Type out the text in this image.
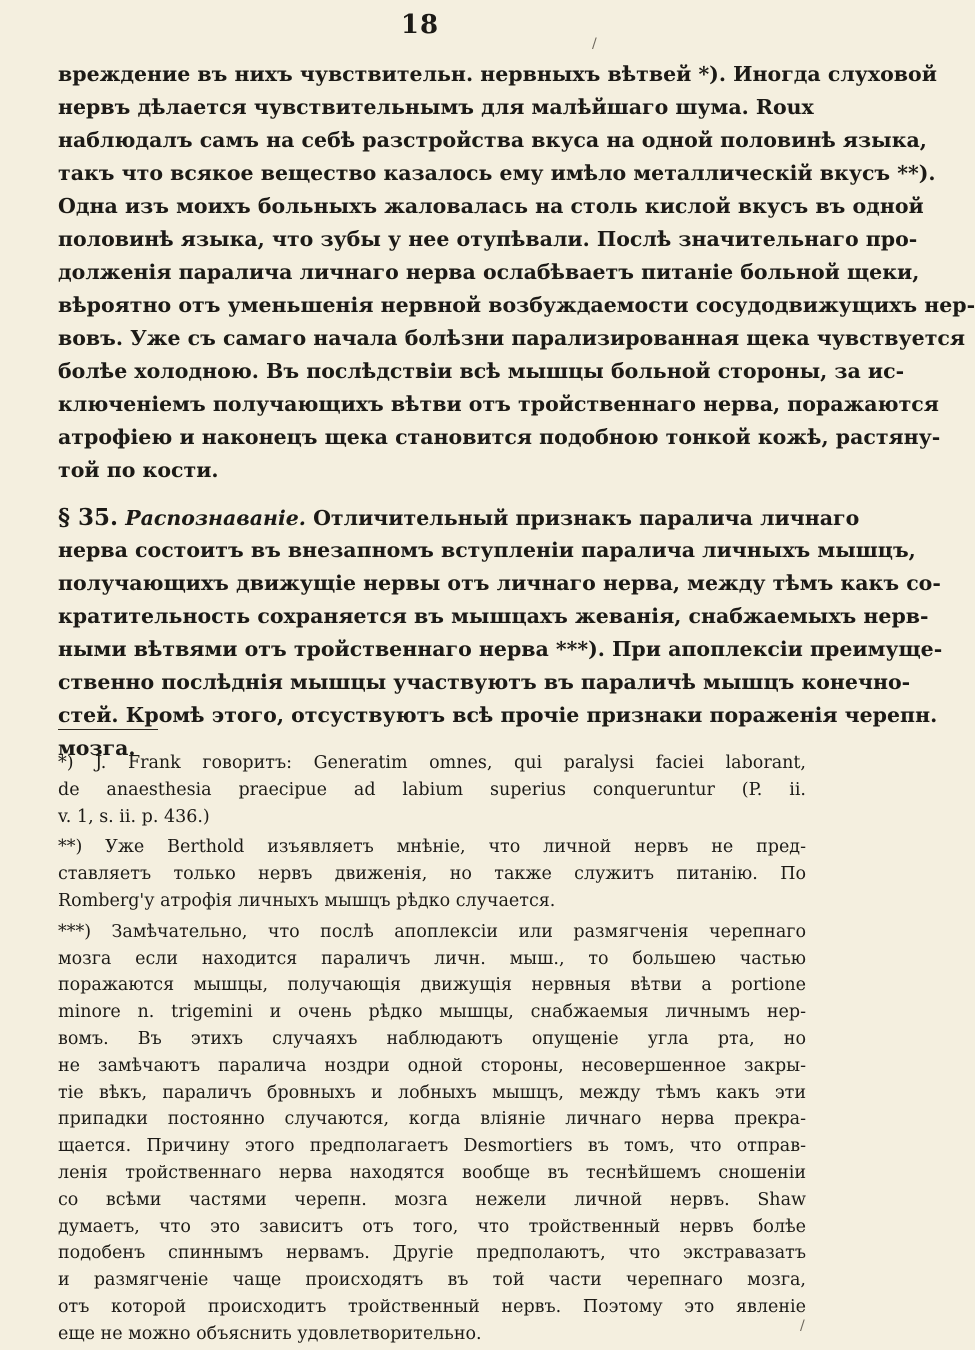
18
вреждение въ нихъ чувствительн. нервныхъ вѣтвей *). Иногда слуховой
нервъ дѣлается чувствительнымъ для малѣйшаго шума. Roux
наблюдалъ самъ на себѣ разстройства вкуса на одной половинѣ языка,
такъ что всякое вещество казалось ему имѣло металлическій вкусъ **).
Одна изъ моихъ больныхъ жаловалась на столь кислой вкусъ въ одной
половинѣ языка, что зубы у нее отупѣвали. Послѣ значительнаго про-
долженія паралича личнаго нерва ослабѣваетъ питаніе больной щеки,
вѣроятно отъ уменьшенія нервной возбуждаемости сосудодвижущихъ нер-
вовъ. Уже съ самаго начала болѣзни парализированная щека чувствуется
болѣе холодною. Въ послѣдствіи всѣ мышцы больной стороны, за ис-
ключеніемъ получающихъ вѣтви отъ тройственнаго нерва, поражаются
атрофіею и наконецъ щека становится подобною тонкой кожѣ, растяну-
той по кости.
§ 35. Распознаваніе. Отличительный признакъ паралича личнаго
нерва состоитъ въ внезапномъ вступленіи паралича личныхъ мышцъ,
получающихъ движущіе нервы отъ личнаго нерва, между тѣмъ какъ со-
кратительность сохраняется въ мышцахъ жеванія, снабжаемыхъ нерв-
ными вѣтвями отъ тройственнаго нерва ***). При апоплексіи преимуще-
ственно послѣднія мышцы участвуютъ въ параличѣ мышцъ конечно-
стей. Кромѣ этого, отсуствуютъ всѣ прочіе признаки пораженія черепн.
мозга.
*) J. Frank говоритъ: Generatim omnes, qui paralysi faciei laborant,
de anaesthesia praecipue ad labium superius conqueruntur (P. ii.
v. 1, s. ii. p. 436.)
**) Уже Berthold изъявляетъ мнѣніе, что личной нервъ не пред-
ставляетъ только нервъ движенія, но также служитъ питанію. По
Romberg'у атрофія личныхъ мышцъ рѣдко случается.
***) Замѣчательно, что послѣ апоплексіи или размягченія черепнаго
мозга если находится параличъ личн. мыш., то большею частью
поражаются мышцы, получающія движущія нервныя вѣтви a portione
minore n. trigemini и очень рѣдко мышцы, снабжаемыя личнымъ нер-
вомъ. Въ этихъ случаяхъ наблюдаютъ опущеніе угла рта, но
не замѣчаютъ паралича ноздри одной стороны, несовершенное закры-
тіе вѣкъ, параличъ бровныхъ и лобныхъ мышцъ, между тѣмъ какъ эти
припадки постоянно случаются, когда вліяніе личнаго нерва прекра-
щается. Причину этого предполагаетъ Desmortiers въ томъ, что отправ-
ленія тройственнаго нерва находятся вообще въ теснѣйшемъ сношеніи
со всѣми частями черепн. мозга нежели личной нервъ. Shaw
думаетъ, что это зависитъ отъ того, что тройственный нервъ болѣе
подобенъ спиннымъ нервамъ. Другіе предполаютъ, что экстравазатъ
и размягченіе чаще происходятъ въ той части черепнаго мозга,
отъ которой происходитъ тройственный нервъ. Поэтому это явленіе
еще не можно объяснить удовлетворительно.
/
/
